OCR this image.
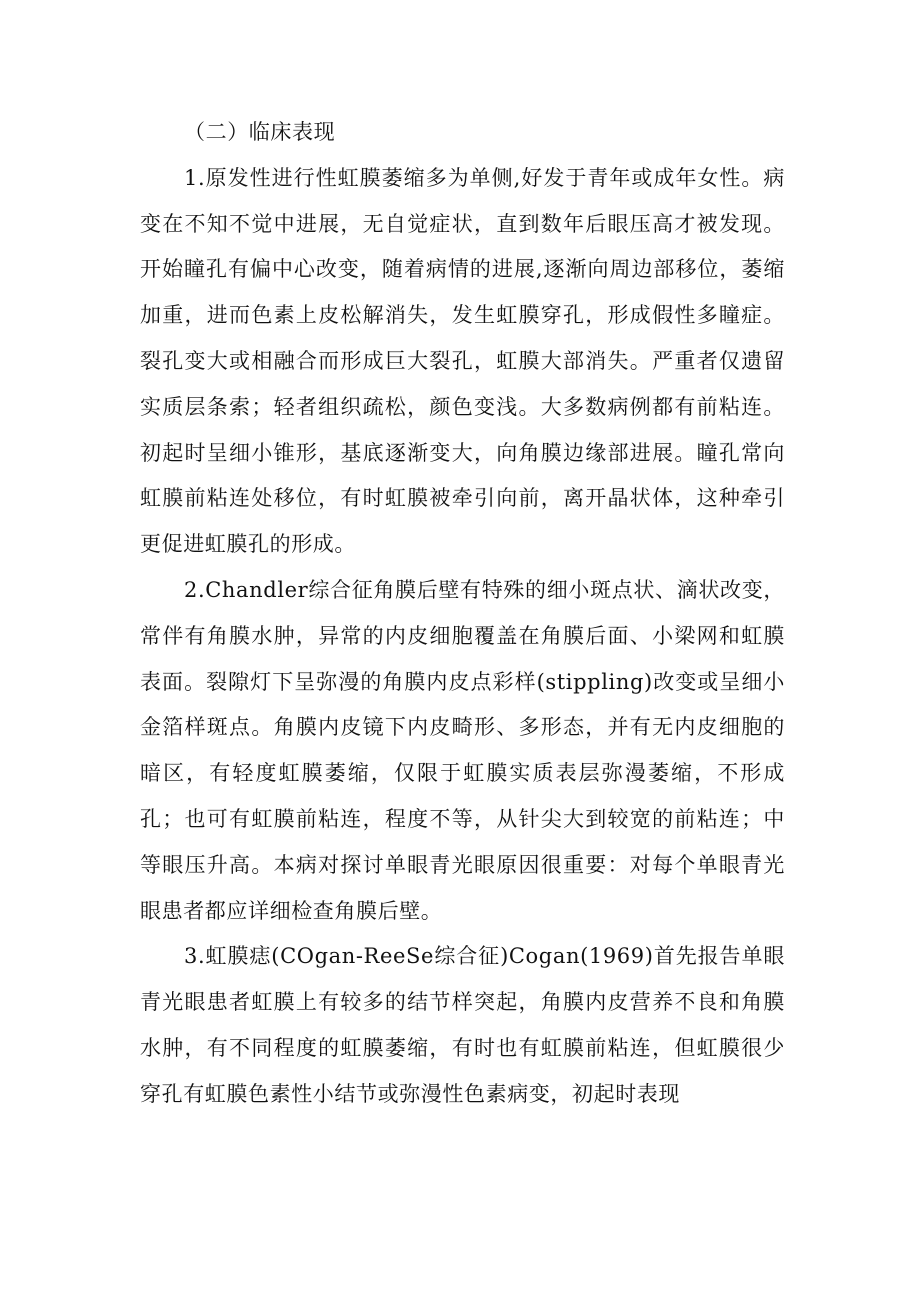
（二）临床表现

1.原发性进行性虹膜萎缩多为单侧,好发于青年或成年女性。病变在不知不觉中进展，无自觉症状，直到数年后眼压高才被发现。开始瞳孔有偏中心改变，随着病情的进展,逐渐向周边部移位，萎缩加重，进而色素上皮松解消失，发生虹膜穿孔，形成假性多瞳症。裂孔变大或相融合而形成巨大裂孔，虹膜大部消失。严重者仅遗留实质层条索；轻者组织疏松，颜色变浅。大多数病例都有前粘连。初起时呈细小锥形，基底逐渐变大，向角膜边缘部进展。瞳孔常向虹膜前粘连处移位，有时虹膜被牵引向前，离开晶状体，这种牵引更促进虹膜孔的形成。

2.Chandler综合征角膜后壁有特殊的细小斑点状、滴状改变，常伴有角膜水肿，异常的内皮细胞覆盖在角膜后面、小梁网和虹膜表面。裂隙灯下呈弥漫的角膜内皮点彩样(stippling)改变或呈细小金箔样斑点。角膜内皮镜下内皮畸形、多形态，并有无内皮细胞的暗区，有轻度虹膜萎缩，仅限于虹膜实质表层弥漫萎缩，不形成孔；也可有虹膜前粘连，程度不等，从针尖大到较宽的前粘连；中等眼压升高。本病对探讨单眼青光眼原因很重要：对每个单眼青光眼患者都应详细检查角膜后壁。

3.虹膜痣(COgan-ReeSe综合征)Cogan(1969)首先报告单眼青光眼患者虹膜上有较多的结节样突起，角膜内皮营养不良和角膜水肿，有不同程度的虹膜萎缩，有时也有虹膜前粘连，但虹膜很少穿孔有虹膜色素性小结节或弥漫性色素病变，初起时表现
